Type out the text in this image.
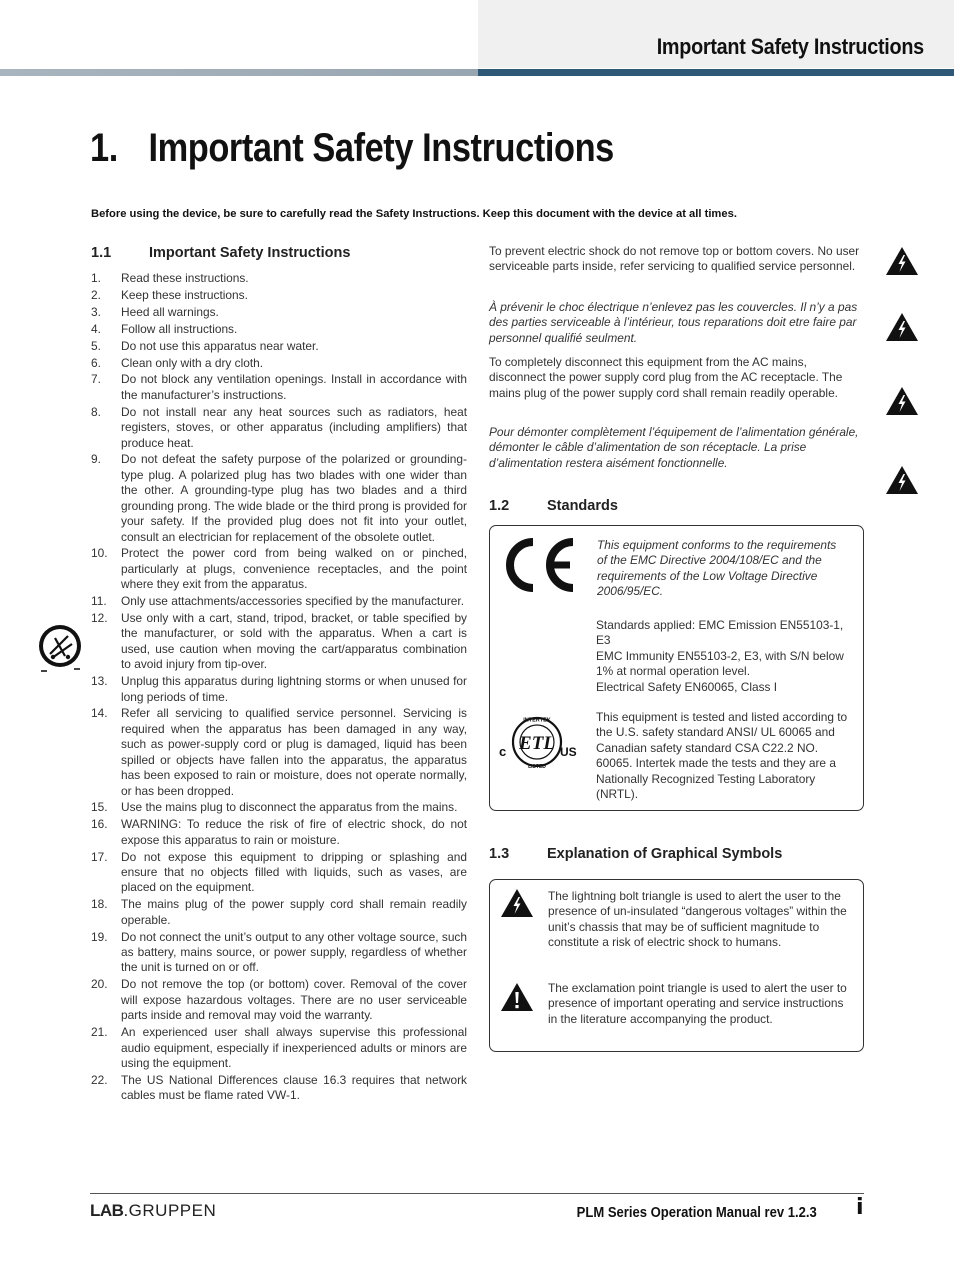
Important Safety Instructions
1. Important Safety Instructions
Before using the device, be sure to carefully read the Safety Instructions. Keep this document with the device at all times.
1.1	Important Safety Instructions
1.	Read these instructions.
2.	Keep these instructions.
3.	Heed all warnings.
4.	Follow all instructions.
5.	Do not use this apparatus near water.
6.	Clean only with a dry cloth.
7.	Do not block any ventilation openings. Install in accordance with the manufacturer’s instructions.
8.	Do not install near any heat sources such as radiators, heat registers, stoves, or other apparatus (including amplifiers) that produce heat.
9.	Do not defeat the safety purpose of the polarized or grounding-type plug. A polarized plug has two blades with one wider than the other. A grounding-type plug has two blades and a third grounding prong. The wide blade or the third prong is provided for your safety. If the provided plug does not fit into your outlet, consult an electrician for replacement of the obsolete outlet.
10.	Protect the power cord from being walked on or pinched, particularly at plugs, convenience receptacles, and the point where they exit from the apparatus.
11.	Only use attachments/accessories specified by the manufacturer.
12.	Use only with a cart, stand, tripod, bracket, or table specified by the manufacturer, or sold with the apparatus. When a cart is used, use caution when moving the cart/apparatus combination to avoid injury from tip-over.
13.	Unplug this apparatus during lightning storms or when unused for long periods of time.
14.	Refer all servicing to qualified service personnel. Servicing is required when the apparatus has been damaged in any way, such as power-supply cord or plug is damaged, liquid has been spilled or objects have fallen into the apparatus, the apparatus has been exposed to rain or moisture, does not operate normally, or has been dropped.
15.	Use the mains plug to disconnect the apparatus from the mains.
16.	WARNING: To reduce the risk of fire of electric shock, do not expose this apparatus to rain or moisture.
17.	Do not expose this equipment to dripping or splashing and ensure that no objects filled with liquids, such as vases, are placed on the equipment.
18.	The mains plug of the power supply cord shall remain readily operable.
19.	Do not connect the unit’s output to any other voltage source, such as battery, mains source, or power supply, regardless of whether the unit is turned on or off.
20.	Do not remove the top (or bottom) cover. Removal of the cover will expose hazardous voltages. There are no user serviceable parts inside and removal may void the warranty.
21.	An experienced user shall always supervise this professional audio equipment, especially if inexperienced adults or minors are using the equipment.
22.	The US National Differences clause 16.3 requires that network cables must be flame rated VW-1.
To prevent electric shock do not remove top or bottom covers. No user serviceable parts inside, refer servicing to qualified service personnel.
À prévenir le choc électrique n’enlevez pas les couvercles. Il n’y a pas des parties serviceable à l’intérieur, tous reparations doit etre faire par personnel qualifié seulment.
To completely disconnect this equipment from the AC mains, disconnect the power supply cord plug from the AC receptacle. The mains plug of the power supply cord shall remain readily operable.
Pour démonter complètement l’équipement de l’alimentation générale, démonter le câble d’alimentation de son réceptacle. La prise d’alimentation restera aisément fonctionnelle.
1.2	Standards
CE
This equipment conforms to the requirements of the EMC Directive 2004/108/EC and the requirements of the Low Voltage Directive 2006/95/EC.
Standards applied: EMC Emission EN55103-1, E3
EMC Immunity EN55103-2, E3, with S/N below 1% at normal operation level.
Electrical Safety EN60065, Class I
INTERTEK
LISTED
ETL
c	US
This equipment is tested and listed according to the U.S. safety standard ANSI/ UL 60065 and Canadian safety standard CSA C22.2 NO. 60065. Intertek made the tests and they are a Nationally Recognized Testing Laboratory (NRTL).
1.3	Explanation of Graphical Symbols
The lightning bolt triangle is used to alert the user to the presence of un-insulated “dangerous voltages” within the unit’s chassis that may be of sufficient magnitude to constitute a risk of electric shock to humans.
The exclamation point triangle is used to alert the user to presence of important operating and service instructions in the literature accompanying the product.
LAB.GRUPPEN	PLM Series Operation Manual rev 1.2.3 i
